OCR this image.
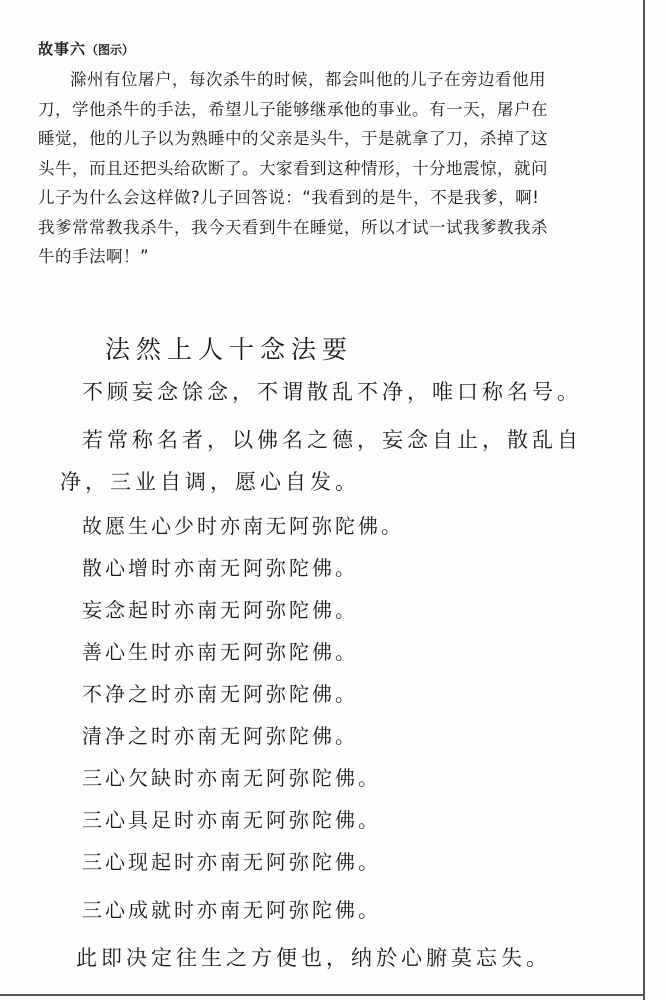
故事六（图示）
滁州有位屠户，每次杀牛的时候，都会叫他的儿子在旁边看他用
刀，学他杀牛的手法，希望儿子能够继承他的事业。有一天，屠户在
睡觉，他的儿子以为熟睡中的父亲是头牛，于是就拿了刀，杀掉了这
头牛，而且还把头给砍断了。大家看到这种情形，十分地震惊，就问
儿子为什么会这样做?儿子回答说：“我看到的是牛，不是我爹，啊!
我爹常常教我杀牛，我今天看到牛在睡觉，所以才试一试我爹教我杀
牛的手法啊！”
法然上人十念法要
不顾妄念馀念，不谓散乱不净，唯口称名号。
若常称名者，以佛名之德，妄念自止，散乱自
净，三业自调，愿心自发。
故愿生心少时亦南无阿弥陀佛。
散心增时亦南无阿弥陀佛。
妄念起时亦南无阿弥陀佛。
善心生时亦南无阿弥陀佛。
不净之时亦南无阿弥陀佛。
清净之时亦南无阿弥陀佛。
三心欠缺时亦南无阿弥陀佛。
三心具足时亦南无阿弥陀佛。
三心现起时亦南无阿弥陀佛。
三心成就时亦南无阿弥陀佛。
此即决定往生之方便也，纳於心腑莫忘失。
